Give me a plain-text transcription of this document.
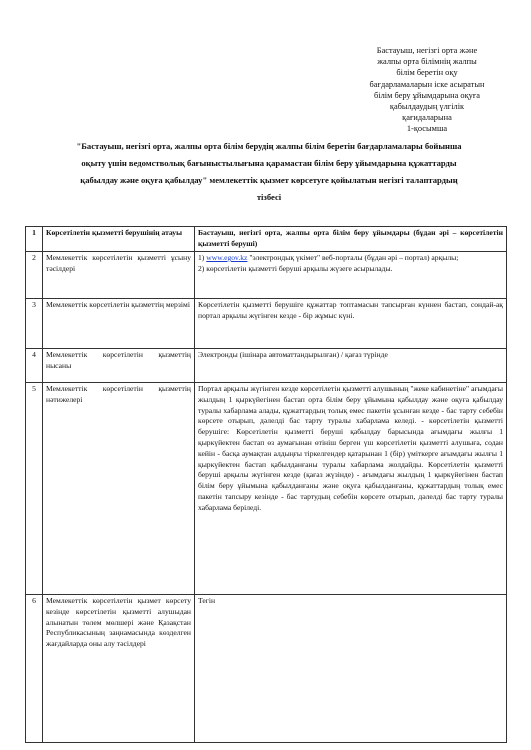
Бастауыш, негізгі орта және
жалпы орта білімнің жалпы
білім беретін оқу
бағдарламаларын іске асыратын
білім беру ұйымдарына оқуға
қабылдаудың үлгілік
қағидаларына
1-қосымша
"Бастауыш, негізгі орта, жалпы орта білім берудің жалпы білім беретін бағдарламалары бойынша
оқыту үшін ведомстволық бағыныстылығына қарамастан білім беру ұйымдарына құжаттарды
қабылдау және оқуға қабылдау" мемлекеттік қызмет көрсетуге қойылатын негізгі талаптардың
тізбесі
1	Көрсетілетін қызметті берушінің атауы	Бастауыш, негізгі орта, жалпы орта білім беру ұйымдары (бұдан әрі – көрсетілетін қызметті беруші)
2	Мемлекеттік көрсетілетін қызметті ұсыну тәсілдері	1) www.egov.kz "электрондық үкімет" веб-порталы (бұдан әрі – портал) арқылы;
2) көрсетілетін қызметті беруші арқылы жүзеге асырылады.

3	Мемлекеттік көрсетілетін қызметтің мерзімі	Көрсетілетін қызметті берушіге құжаттар топтамасын тапсырған күннен бастап, сондай-ақ портал арқылы жүгінген кезде - бір жұмыс күні.
4	Мемлекеттік көрсетілетін қызметтің нысаны	Электронды (ішінара автоматтандырылған) / қағаз түрінде
5	Мемлекеттік көрсетілетін қызметтің нәтижелері	Портал арқылы жүгінген кезде көрсетілетін қызметті алушының "жеке кабинетіне" ағымдағы жылдың 1 қыркүйегінен бастап орта білім беру ұйымына қабылдау және оқуға қабылдау туралы хабарлама алады, құжаттардың толық емес пакетін ұсынған кезде - бас тарту себебін көрсете отырып, дәлелді бас тарту туралы хабарлама келеді. - көрсетілетін қызметті берушіге: Көрсетілетін қызметті беруші қабылдау барысында ағымдағы жылғы 1 қыркүйектен бастап өз аумағынан өтініш берген үш көрсетілетін қызметті алушыға, содан кейін - басқа аумақтан алдыңғы тіркелгендер қатарынан 1 (бір) үміткерге ағымдағы жылғы 1 қыркүйектен бастап қабылданғаны туралы хабарлама жолдайды. Көрсетілетін қызметті беруші арқылы жүгінген кезде (қағаз жүзінде) - ағымдағы жылдың 1 қыркүйегінен бастап білім беру ұйымына қабылданғаны және оқуға қабылданғаны, құжаттардың толық емес пакетін тапсыру кезінде - бас тартудың себебін көрсете отырып, дәлелді бас тарту туралы хабарлама беріледі.
6	Мемлекеттік көрсетілетін қызмет көрсету кезінде көрсетілетін қызметті алушыдан алынатын төлем мөлшері және Қазақстан Республикасының заңнамасында көзделген жағдайларда оны алу тәсілдері	Тегін
